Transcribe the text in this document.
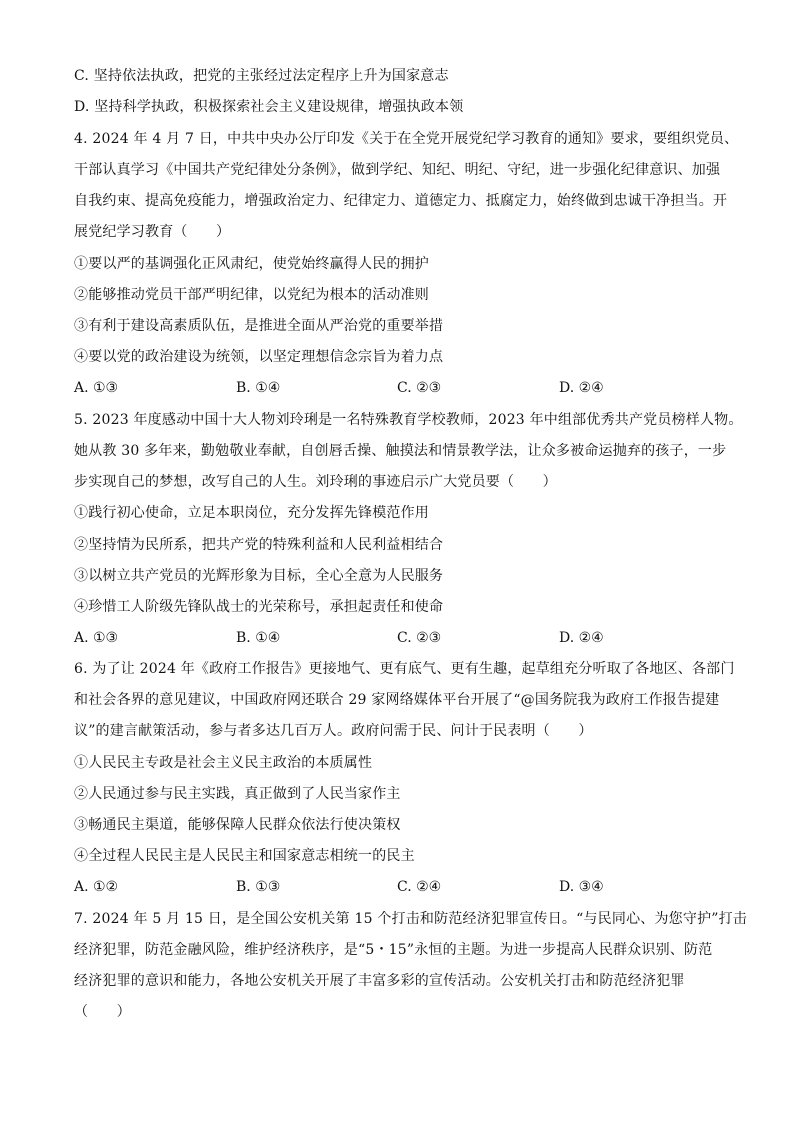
C. 坚持依法执政，把党的主张经过法定程序上升为国家意志
D. 坚持科学执政，积极探索社会主义建设规律，增强执政本领
4. 2024 年 4 月 7 日，中共中央办公厅印发《关于在全党开展党纪学习教育的通知》要求，要组织党员、
干部认真学习《中国共产党纪律处分条例》，做到学纪、知纪、明纪、守纪，进一步强化纪律意识、加强
自我约束、提高免疫能力，增强政治定力、纪律定力、道德定力、抵腐定力，始终做到忠诚干净担当。开
展党纪学习教育（　　）
①要以严的基调强化正风肃纪，使党始终赢得人民的拥护
②能够推动党员干部严明纪律，以党纪为根本的活动准则
③有利于建设高素质队伍，是推进全面从严治党的重要举措
④要以党的政治建设为统领，以坚定理想信念宗旨为着力点
A. ①③	B. ①④	C. ②③	D. ②④
5. 2023 年度感动中国十大人物刘玲琍是一名特殊教育学校教师，2023 年中组部优秀共产党员榜样人物。
她从教 30 多年来，勤勉敬业奉献，自创唇舌操、触摸法和情景教学法，让众多被命运抛弃的孩子，一步
步实现自己的梦想，改写自己的人生。刘玲琍的事迹启示广大党员要（　　）
①践行初心使命，立足本职岗位，充分发挥先锋模范作用
②坚持情为民所系，把共产党的特殊利益和人民利益相结合
③以树立共产党员的光辉形象为目标，全心全意为人民服务
④珍惜工人阶级先锋队战士的光荣称号，承担起责任和使命
A. ①③	B. ①④	C. ②③	D. ②④
6. 为了让 2024 年《政府工作报告》更接地气、更有底气、更有生趣，起草组充分听取了各地区、各部门
和社会各界的意见建议，中国政府网还联合 29 家网络媒体平台开展了“@国务院我为政府工作报告提建
议”的建言献策活动，参与者多达几百万人。政府问需于民、问计于民表明（　　）
①人民民主专政是社会主义民主政治的本质属性
②人民通过参与民主实践，真正做到了人民当家作主
③畅通民主渠道，能够保障人民群众依法行使决策权
④全过程人民民主是人民民主和国家意志相统一的民主
A. ①②	B. ①③	C. ②④	D. ③④
7. 2024 年 5 月 15 日，是全国公安机关第 15 个打击和防范经济犯罪宣传日。“与民同心、为您守护”打击
经济犯罪，防范金融风险，维护经济秩序，是“5・15”永恒的主题。为进一步提高人民群众识别、防范
经济犯罪的意识和能力，各地公安机关开展了丰富多彩的宣传活动。公安机关打击和防范经济犯罪
（　　）
